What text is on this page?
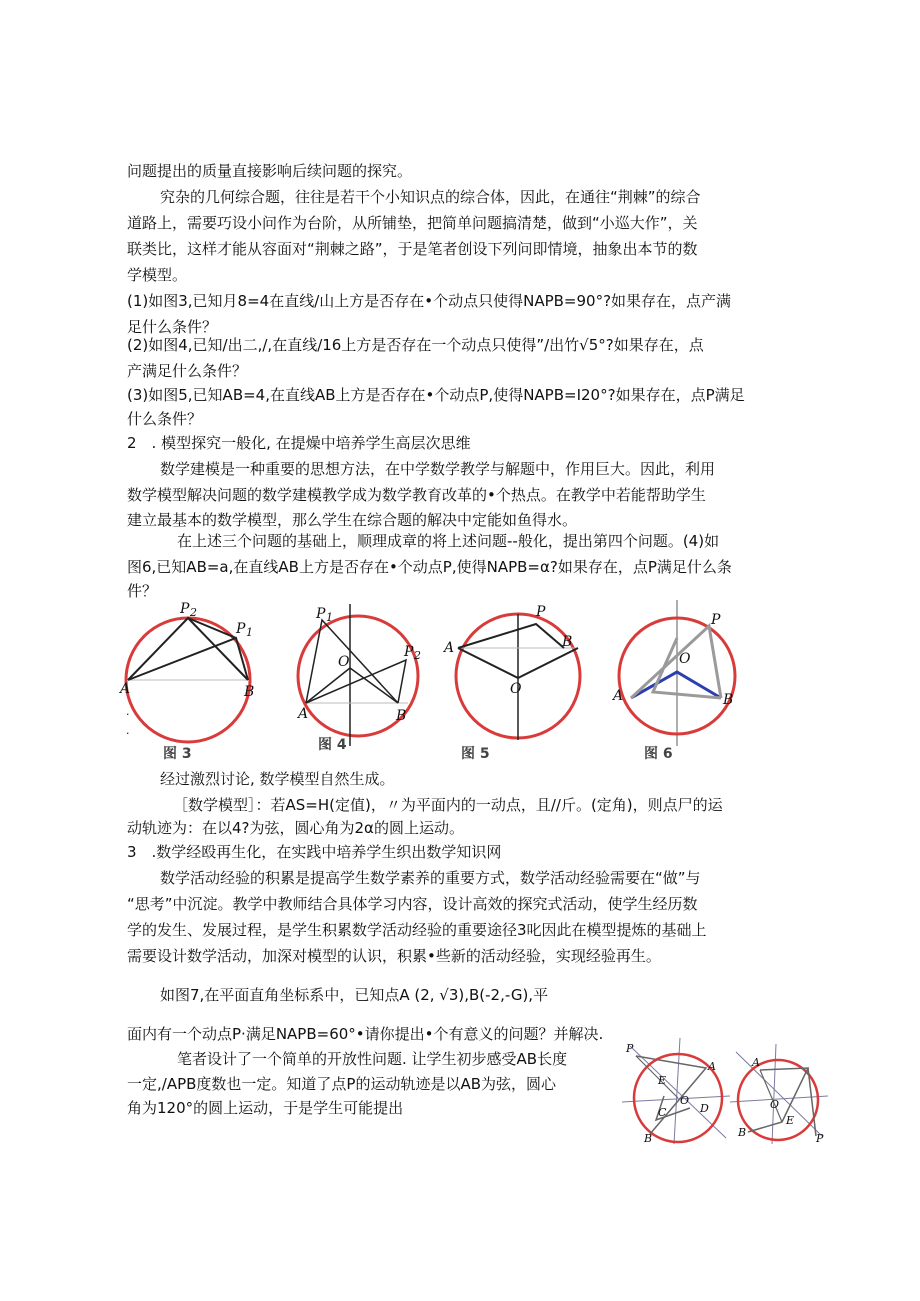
问题提出的质量直接影响后续问题的探究。
究杂的几何综合题，往往是若干个小知识点的综合体，因此，在通往“荆棘”的综合
道路上，需要巧设小问作为台阶，从所铺垫，把简单问题搞清楚，做到“小巡大作”，关
联类比，这样才能从容面对“荆棘之路”，于是笔者创设下列问即情境，抽象出本节的数
学模型。
(1)如图3,已知月8=4在直线/山上方是否存在•个动点只使得NAPB=90°?如果存在，点产满
足什么条件？
(2)如图4,已知/出二,/,在直线/16上方是否存在一个动点只使得”/出竹√5°?如果存在，点
产满足什么条件？
(3)如图5,已知AB=4,在直线AB上方是否存在•个动点P,使得NAPB=I20°?如果存在，点P满足
什么条件？
2　. 模型探究一般化, 在提燥中培养学生高层次思维
数学建模是一种重要的思想方法，在中学数学教学与解题中，作用巨大。因此，利用
数学模型解决问题的数学建模教学成为数学教育改革的•个热点。在教学中若能帮助学生
建立最基本的数学模型，那么学生在综合题的解决中定能如鱼得水。
在上述三个问题的基础上，顺理成章的将上述问题--般化，提出第四个问题。(4)如
图6,已知AB=a,在直线AB上方是否存在•个动点P,使得NAPB=α?如果存在，点P满足什么条
件？
A	B
P 2
P 1
·
·
图 3
A	B
O
P 1
P 2
图 4
A	B
P
O
图 5
A	B
P
O
图 6
经过激烈讨论, 数学模型自然生成。
［数学模型］：若AS=H(定值)，〃为平面内的一动点，且//斤。(定角)，则点尸的运
动轨迹为：在以4?为弦，圆心角为2α的圆上运动。
3　.数学经殴再生化，在实践中培养学生织出数学知识网
数学活动经验的积累是提高学生数学素养的重要方式，数学活动经验需要在“做”与
“思考”中沉淀。教学中教师结合具体学习内容，设计高效的探究式活动，使学生经历数
学的发生、发展过程，是学生积累数学活动经验的重要途径3叱因此在模型提炼的基础上
需要设计数学活动，加深对模型的认识，积累•些新的活动经验，实现经验再生。
如图7,在平面直角坐标系中，已知点A (2, √3),B(-2,-G),平
面内有一个动点P·满足NAPB=60°•请你提出•个有意义的问题？并解决.
笔者设计了一个简单的开放性问题. 让学生初步感受AB长度
一定,/APB度数也一定。知道了点P的运动轨迹是以AB为弦，圆心
角为120°的圆上运动，于是学生可能提出
P
E
A
O
C	D
B
A
O
E
B	P
